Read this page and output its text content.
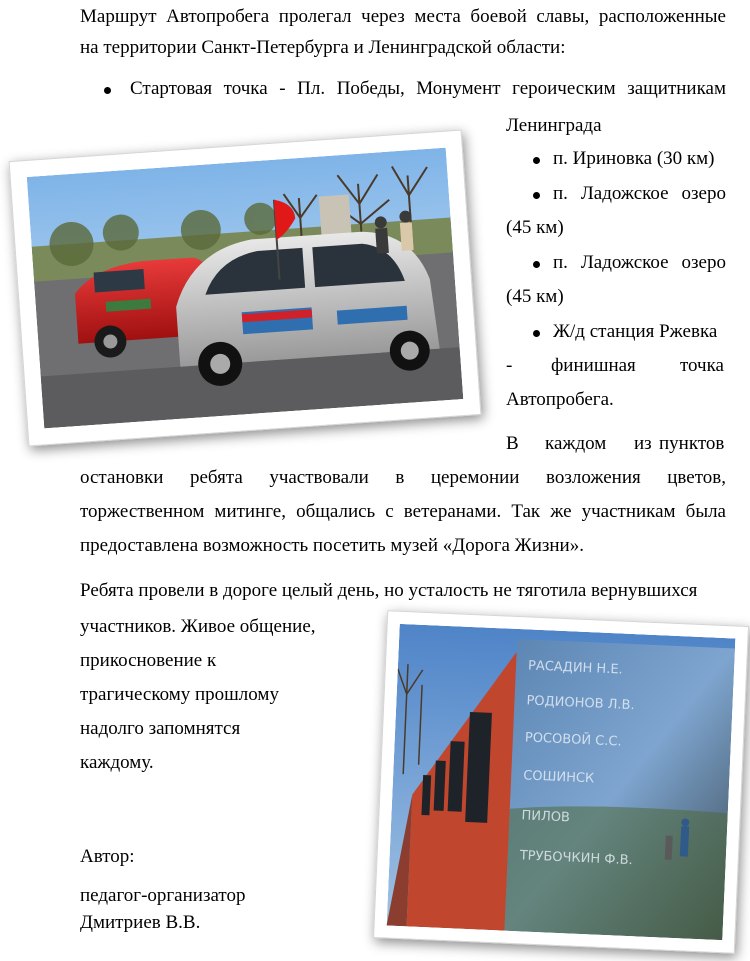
Маршрут Автопробега пролегал через места боевой славы, расположенные

на территории Санкт-Петербурга и Ленинградской области:

Стартовая точка - Пл. Победы, Монумент героическим защитникам

Ленинграда

п. Ириновка (30 км)

п. Ладожское озеро

(45 км)

п. Ладожское озеро

(45 км)

Ж/д станция Ржевка

- финишная точка

Автопробега.

В каждом из пунктов

остановки ребята участвовали в церемонии возложения цветов,

торжественном митинге, общались с ветеранами. Так же участникам была

предоставлена возможность посетить музей «Дорога Жизни».

Ребята провели в дороге целый день, но усталость не тяготила вернувшихся

участников. Живое общение,

прикосновение к

трагическому прошлому

надолго запомнятся

каждому.

Автор:

педагог-организатор

Дмитриев В.В.

РАСАДИН Н.Е.
РОДИОНОВ Л.В.
РОСОВОЙ С.С.
СОШИНСК
ПИЛОВ
ТРУБОЧКИН Ф.В.
